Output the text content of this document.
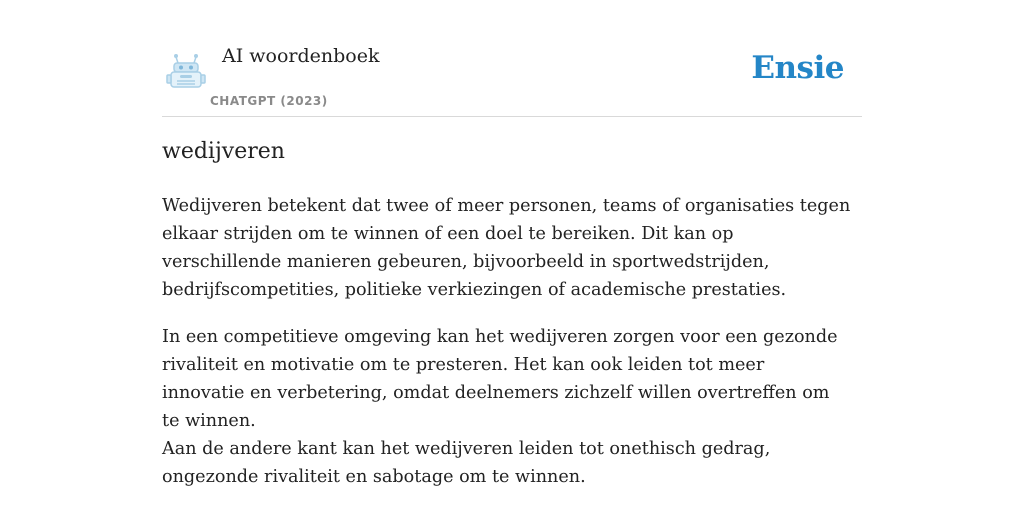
AI woordenboek
CHATGPT (2023)
Ensie
wedijveren

Wedijveren betekent dat twee of meer personen, teams of organisaties tegen elkaar strijden om te winnen of een doel te bereiken. Dit kan op verschillende manieren gebeuren, bijvoorbeeld in sportwedstrijden, bedrijfscompetities, politieke verkiezingen of academische prestaties.

In een competitieve omgeving kan het wedijveren zorgen voor een gezonde rivaliteit en motivatie om te presteren. Het kan ook leiden tot meer innovatie en verbetering, omdat deelnemers zichzelf willen overtreffen om te winnen.

Aan de andere kant kan het wedijveren leiden tot onethisch gedrag, ongezonde rivaliteit en sabotage om te winnen.
